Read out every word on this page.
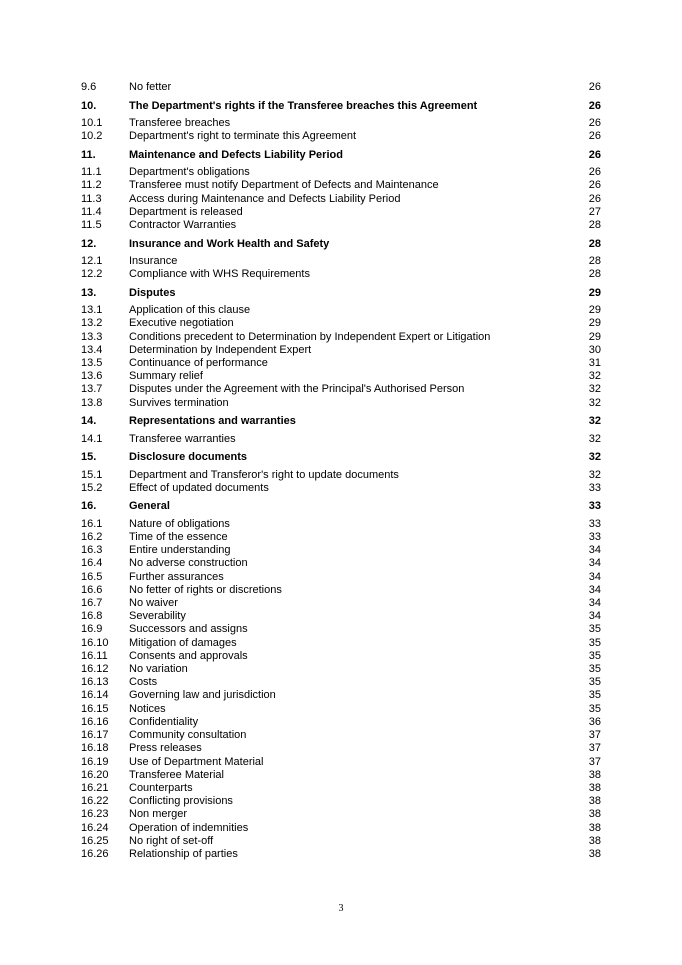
9.6	No fetter	26
10.	The Department's rights if the Transferee breaches this Agreement	26
10.1	Transferee breaches	26
10.2	Department's right to terminate this Agreement	26
11.	Maintenance and Defects Liability Period	26
11.1	Department's obligations	26
11.2	Transferee must notify Department of Defects and Maintenance	26
11.3	Access during Maintenance and Defects Liability Period	26
11.4	Department is released	27
11.5	Contractor Warranties	28
12.	Insurance and Work Health and Safety	28
12.1	Insurance	28
12.2	Compliance with WHS Requirements	28
13.	Disputes	29
13.1	Application of this clause	29
13.2	Executive negotiation	29
13.3	Conditions precedent to Determination by Independent Expert or Litigation	29
13.4	Determination by Independent Expert	30
13.5	Continuance of performance	31
13.6	Summary relief	32
13.7	Disputes under the Agreement with the Principal's Authorised Person	32
13.8	Survives termination	32
14.	Representations and warranties	32
14.1	Transferee warranties	32
15.	Disclosure documents	32
15.1	Department and Transferor's right to update documents	32
15.2	Effect of updated documents	33
16.	General	33
16.1	Nature of obligations	33
16.2	Time of the essence	33
16.3	Entire understanding	34
16.4	No adverse construction	34
16.5	Further assurances	34
16.6	No fetter of rights or discretions	34
16.7	No waiver	34
16.8	Severability	34
16.9	Successors and assigns	35
16.10	Mitigation of damages	35
16.11	Consents and approvals	35
16.12	No variation	35
16.13	Costs	35
16.14	Governing law and jurisdiction	35
16.15	Notices	35
16.16	Confidentiality	36
16.17	Community consultation	37
16.18	Press releases	37
16.19	Use of Department Material	37
16.20	Transferee Material	38
16.21	Counterparts	38
16.22	Conflicting provisions	38
16.23	Non merger	38
16.24	Operation of indemnities	38
16.25	No right of set-off	38
16.26	Relationship of parties	38
3
